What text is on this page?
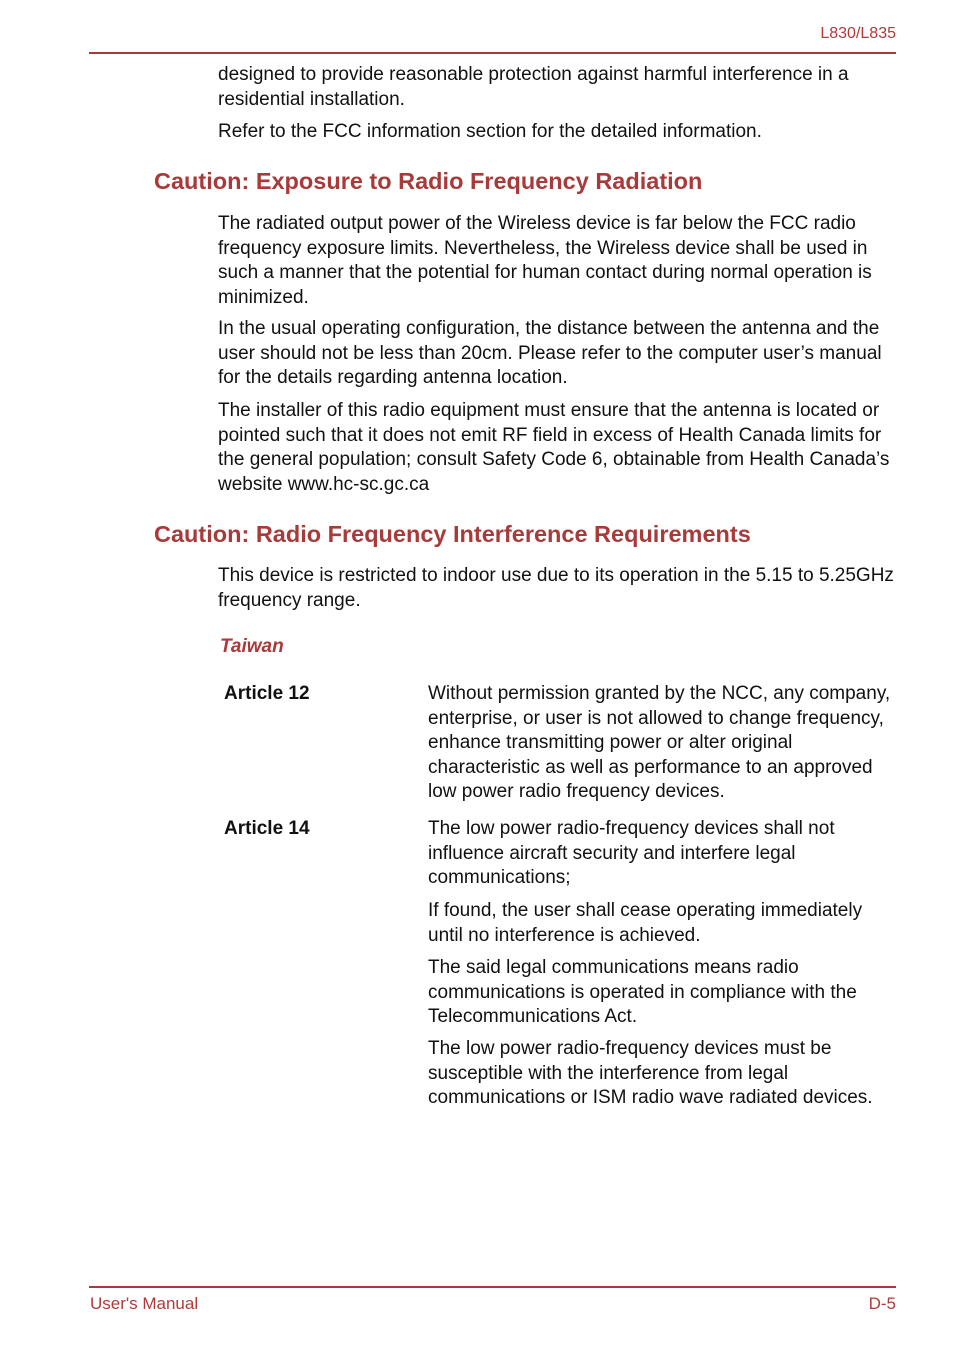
L830/L835

designed to provide reasonable protection against harmful interference in a residential installation.

Refer to the FCC information section for the detailed information.

Caution: Exposure to Radio Frequency Radiation

The radiated output power of the Wireless device is far below the FCC radio frequency exposure limits. Nevertheless, the Wireless device shall be used in such a manner that the potential for human contact during normal operation is minimized.

In the usual operating configuration, the distance between the antenna and the user should not be less than 20cm. Please refer to the computer user’s manual for the details regarding antenna location.

The installer of this radio equipment must ensure that the antenna is located or pointed such that it does not emit RF field in excess of Health Canada limits for the general population; consult Safety Code 6, obtainable from Health Canada’s website www.hc-sc.gc.ca

Caution: Radio Frequency Interference Requirements

This device is restricted to indoor use due to its operation in the 5.15 to 5.25GHz frequency range.

Taiwan
Article 12	Without permission granted by the NCC, any company, enterprise, or user is not allowed to change frequency, enhance transmitting power or alter original characteristic as well as performance to an approved low power radio frequency devices.

Article 14	The low power radio-frequency devices shall not influence aircraft security and interfere legal communications;

If found, the user shall cease operating immediately until no interference is achieved.

The said legal communications means radio communications is operated in compliance with the Telecommunications Act.

The low power radio-frequency devices must be susceptible with the interference from legal communications or ISM radio wave radiated devices.

User's Manual	D-5
